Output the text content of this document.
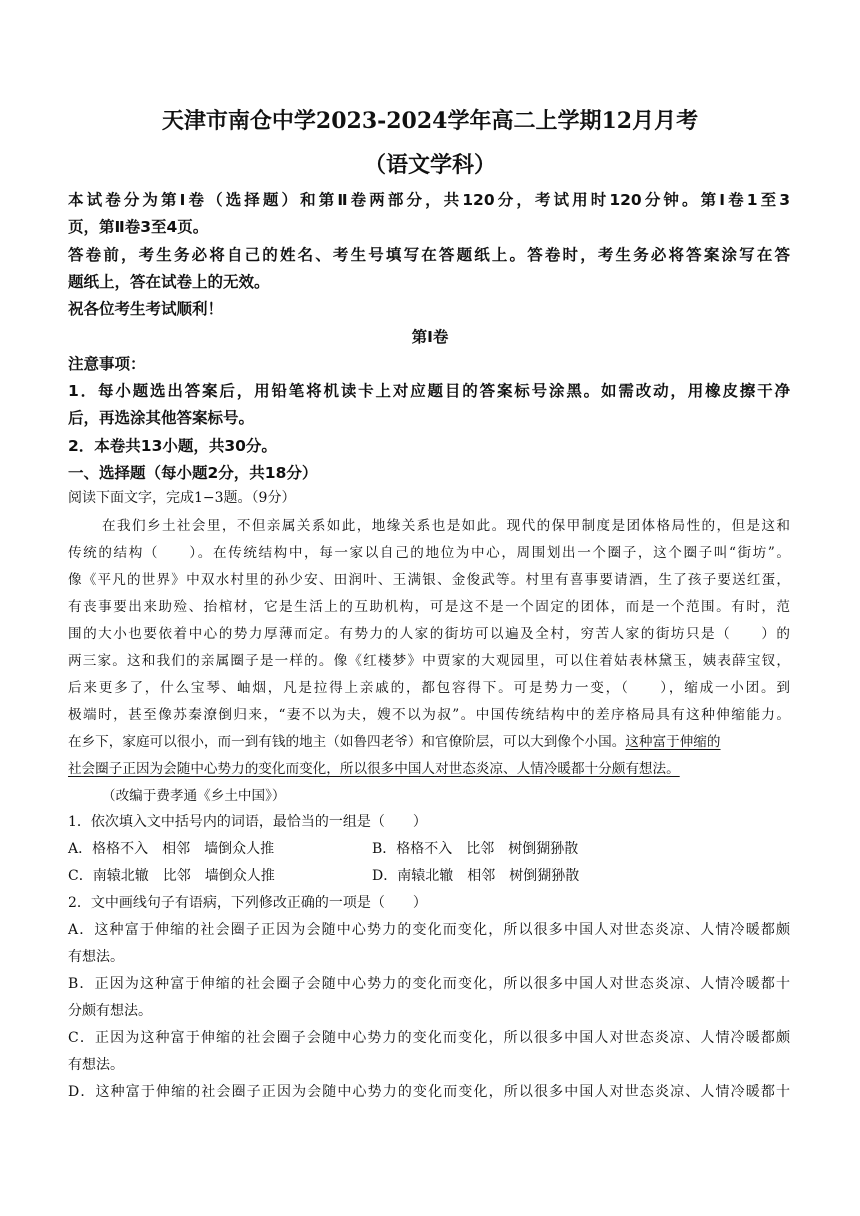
天津市南仓中学2023-2024学年高二上学期12月月考
（语文学科）
本试卷分为第Ⅰ卷（选择题）和第Ⅱ卷两部分，共120分，考试用时120分钟。第Ⅰ卷1至3
页，第Ⅱ卷3至4页。
答卷前，考生务必将自己的姓名、考生号填写在答题纸上。答卷时，考生务必将答案涂写在答
题纸上，答在试卷上的无效。
祝各位考生考试顺利！
第Ⅰ卷
注意事项：
1．每小题选出答案后，用铅笔将机读卡上对应题目的答案标号涂黑。如需改动，用橡皮擦干净
后，再选涂其他答案标号。
2．本卷共13小题，共30分。
一、选择题（每小题2分，共18分）
阅读下面文字，完成1−3题。（9分）
在我们乡土社会里，不但亲属关系如此，地缘关系也是如此。现代的保甲制度是团体格局性的，但是这和
传统的结构（　　）。在传统结构中，每一家以自己的地位为中心，周围划出一个圈子，这个圈子叫“街坊”。
像《平凡的世界》中双水村里的孙少安、田润叶、王满银、金俊武等。村里有喜事要请酒，生了孩子要送红蛋，
有丧事要出来助殓、抬棺材，它是生活上的互助机构，可是这不是一个固定的团体，而是一个范围。有时，范
围的大小也要依着中心的势力厚薄而定。有势力的人家的街坊可以遍及全村，穷苦人家的街坊只是（　　）的
两三家。这和我们的亲属圈子是一样的。像《红楼梦》中贾家的大观园里，可以住着姑表林黛玉，姨表薛宝钗，
后来更多了，什么宝琴、岫烟，凡是拉得上亲戚的，都包容得下。可是势力一变，（　　），缩成一小团。到
极端时，甚至像苏秦潦倒归来，“妻不以为夫，嫂不以为叔”。中国传统结构中的差序格局具有这种伸缩能力。
在乡下，家庭可以很小，而一到有钱的地主（如鲁四老爷）和官僚阶层，可以大到像个小国。这种富于伸缩的
社会圈子正因为会随中心势力的变化而变化，所以很多中国人对世态炎凉、人情冷暖都十分颇有想法。
（改编于费孝通《乡土中国》）
1．依次填入文中括号内的词语，最恰当的一组是（　　）
A．格格不入　相邻　墙倒众人推	B．格格不入　比邻　树倒猢狲散
C．南辕北辙　比邻　墙倒众人推	D．南辕北辙　相邻　树倒猢狲散
2．文中画线句子有语病，下列修改正确的一项是（　　）
A．这种富于伸缩的社会圈子正因为会随中心势力的变化而变化，所以很多中国人对世态炎凉、人情冷暖都颇
有想法。
B．正因为这种富于伸缩的社会圈子会随中心势力的变化而变化，所以很多中国人对世态炎凉、人情冷暖都十
分颇有想法。
C．正因为这种富于伸缩的社会圈子会随中心势力的变化而变化，所以很多中国人对世态炎凉、人情冷暖都颇
有想法。
D．这种富于伸缩的社会圈子正因为会随中心势力的变化而变化，所以很多中国人对世态炎凉、人情冷暖都十
